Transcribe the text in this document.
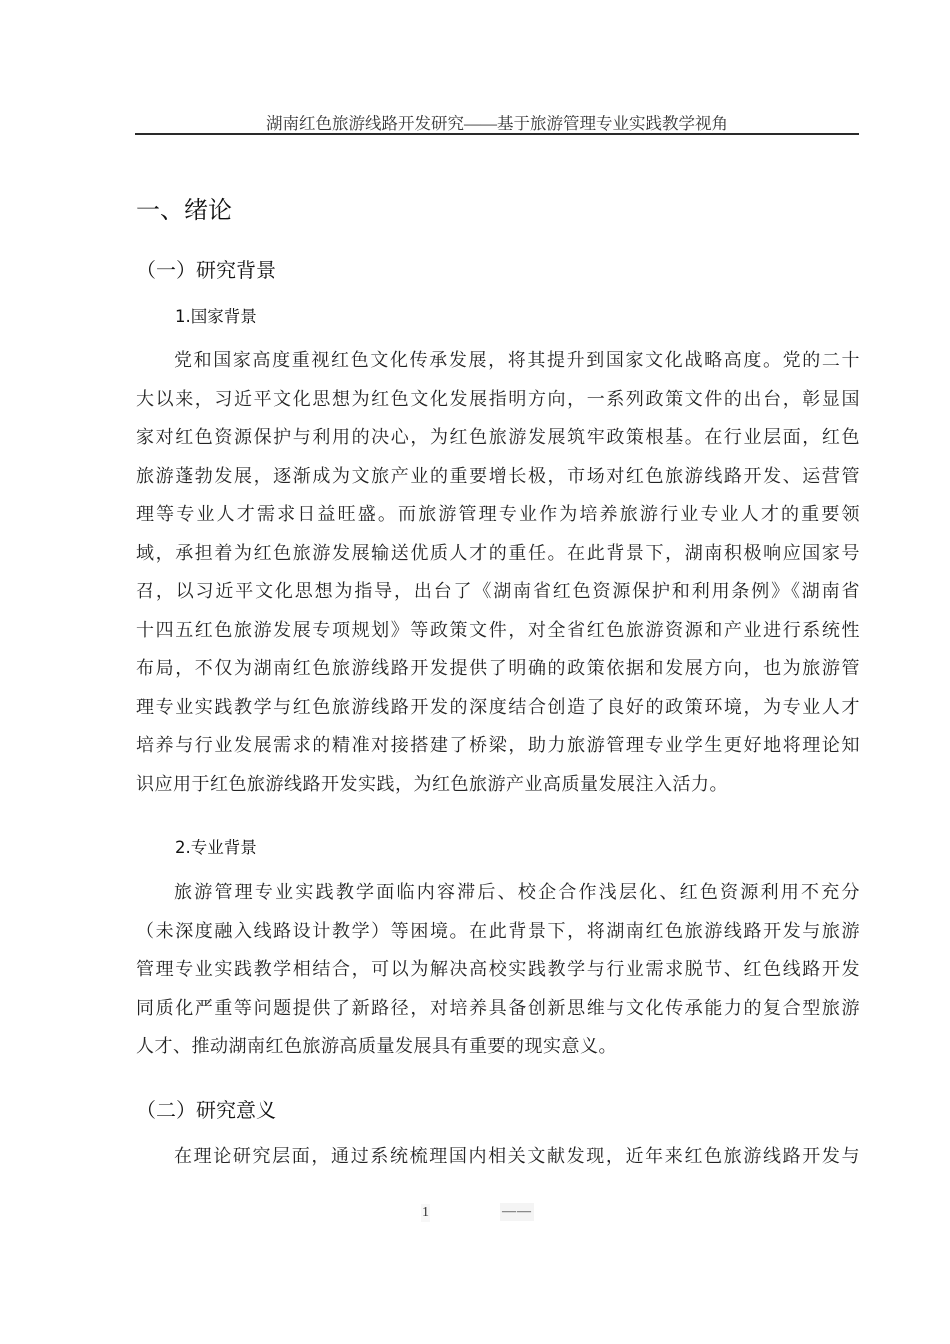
湖南红色旅游线路开发研究——基于旅游管理专业实践教学视角
一、绪论
（一）研究背景
1.国家背景
党和国家高度重视红色文化传承发展，将其提升到国家文化战略高度。党的二十
大以来，习近平文化思想为红色文化发展指明方向，一系列政策文件的出台，彰显国
家对红色资源保护与利用的决心，为红色旅游发展筑牢政策根基。在行业层面，红色
旅游蓬勃发展，逐渐成为文旅产业的重要增长极，市场对红色旅游线路开发、运营管
理等专业人才需求日益旺盛。而旅游管理专业作为培养旅游行业专业人才的重要领
域，承担着为红色旅游发展输送优质人才的重任。在此背景下，湖南积极响应国家号
召，以习近平文化思想为指导，出台了《湖南省红色资源保护和利用条例》《湖南省
十四五红色旅游发展专项规划》等政策文件，对全省红色旅游资源和产业进行系统性
布局，不仅为湖南红色旅游线路开发提供了明确的政策依据和发展方向，也为旅游管
理专业实践教学与红色旅游线路开发的深度结合创造了良好的政策环境，为专业人才
培养与行业发展需求的精准对接搭建了桥梁，助力旅游管理专业学生更好地将理论知
识应用于红色旅游线路开发实践，为红色旅游产业高质量发展注入活力。
2.专业背景
旅游管理专业实践教学面临内容滞后、校企合作浅层化、红色资源利用不充分
（未深度融入线路设计教学）等困境。在此背景下，将湖南红色旅游线路开发与旅游
管理专业实践教学相结合，可以为解决高校实践教学与行业需求脱节、红色线路开发
同质化严重等问题提供了新路径，对培养具备创新思维与文化传承能力的复合型旅游
人才、推动湖南红色旅游高质量发展具有重要的现实意义。
（二）研究意义
在理论研究层面，通过系统梳理国内相关文献发现，近年来红色旅游线路开发与
1	——
